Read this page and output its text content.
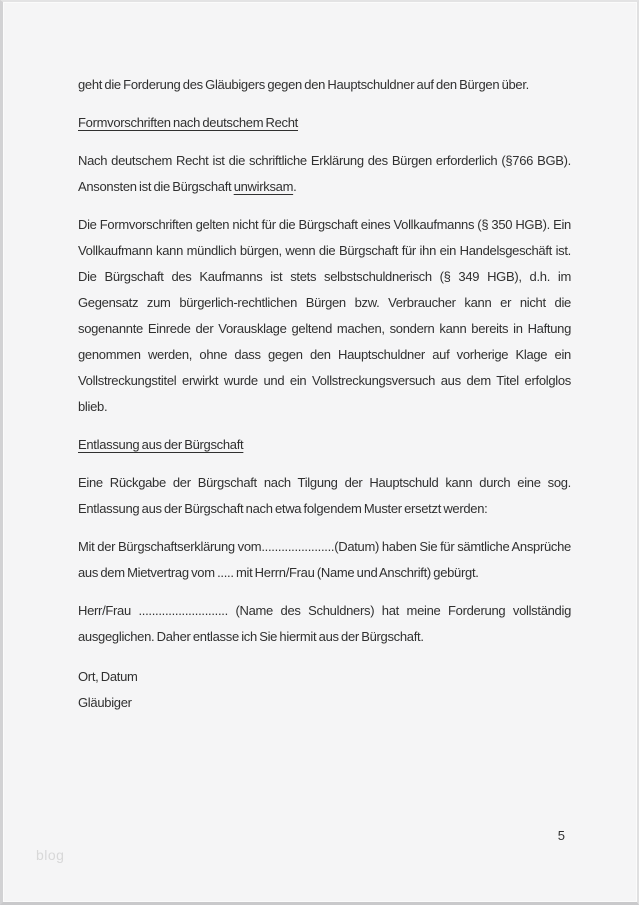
geht die Forderung des Gläubigers gegen den Hauptschuldner auf den Bürgen über.

Formvorschriften nach deutschem Recht

Nach deutschem Recht ist die schriftliche Erklärung des Bürgen erforderlich (§766 BGB). Ansonsten ist die Bürgschaft unwirksam.

Die Formvorschriften gelten nicht für die Bürgschaft eines Vollkaufmanns (§ 350 HGB). Ein Vollkaufmann kann mündlich bürgen, wenn die Bürgschaft für ihn ein Handelsgeschäft ist. Die Bürgschaft des Kaufmanns ist stets selbstschuldnerisch (§ 349 HGB), d.h. im Gegensatz zum bürgerlich-rechtlichen Bürgen bzw. Verbraucher kann er nicht die sogenannte Einrede der Vorausklage geltend machen, sondern kann bereits in Haftung genommen werden, ohne dass gegen den Hauptschuldner auf vorherige Klage ein Vollstreckungstitel erwirkt wurde und ein Vollstreckungsversuch aus dem Titel erfolglos blieb.

Entlassung aus der Bürgschaft

Eine Rückgabe der Bürgschaft nach Tilgung der Hauptschuld kann durch eine sog. Entlassung aus der Bürgschaft nach etwa folgendem Muster ersetzt werden:

Mit der Bürgschaftserklärung vom......................(Datum) haben Sie für sämtliche Ansprüche aus dem Mietvertrag vom ..... mit Herrn/Frau (Name und Anschrift) gebürgt.

Herr/Frau ........................... (Name des Schuldners) hat meine Forderung vollständig ausgeglichen. Daher entlasse ich Sie hiermit aus der Bürgschaft.

Ort, Datum
Gläubiger
5
blog
